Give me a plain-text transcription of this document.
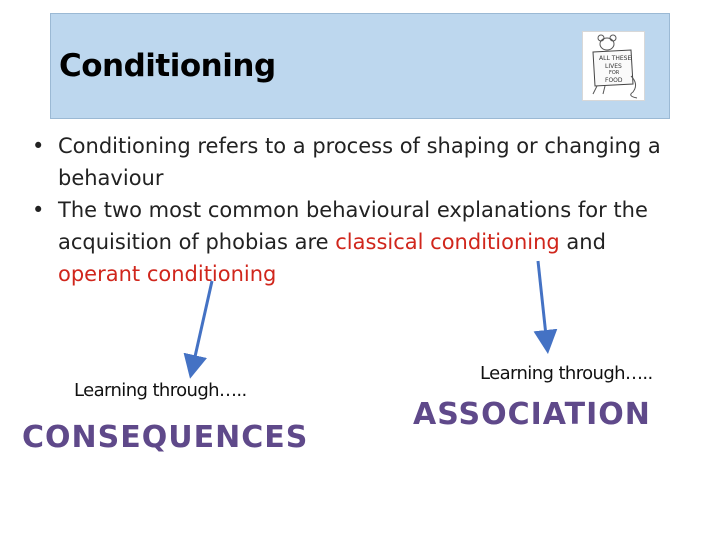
Conditioning	ALL THESE
LIVES
FOR
FOOD
• Conditioning refers to a process of shaping or changing a behaviour
• The two most common behavioural explanations for the acquisition of phobias are classical conditioning and operant conditioning
Learning through…..
CONSEQUENCES
Learning through…..
ASSOCIATION
